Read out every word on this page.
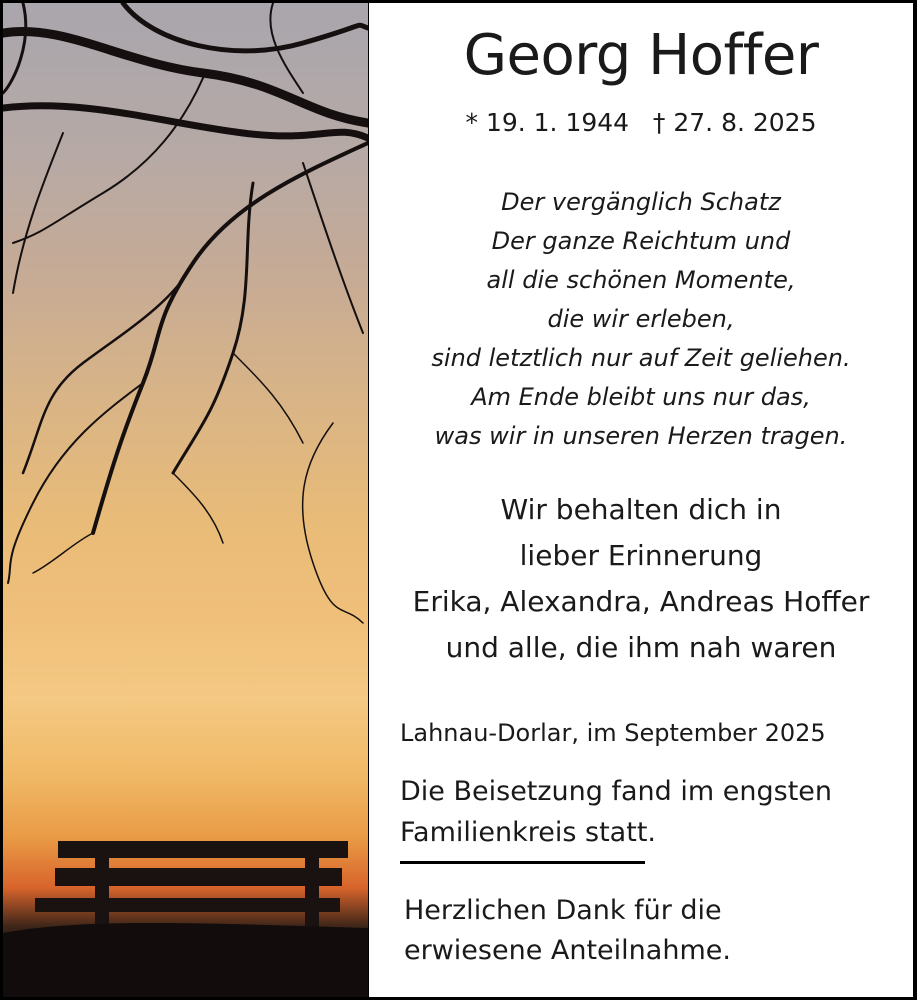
Georg Hoffer
* 19. 1. 1944   † 27. 8. 2025
Der vergänglich Schatz
Der ganze Reichtum und
all die schönen Momente,
die wir erleben,
sind letztlich nur auf Zeit geliehen.
Am Ende bleibt uns nur das,
was wir in unseren Herzen tragen.
Wir behalten dich in
lieber Erinnerung
Erika, Alexandra, Andreas Hoffer
und alle, die ihm nah waren
Lahnau-Dorlar, im September 2025
Die Beisetzung fand im engsten
Familienkreis statt.
Herzlichen Dank für die
erwiesene Anteilnahme.
